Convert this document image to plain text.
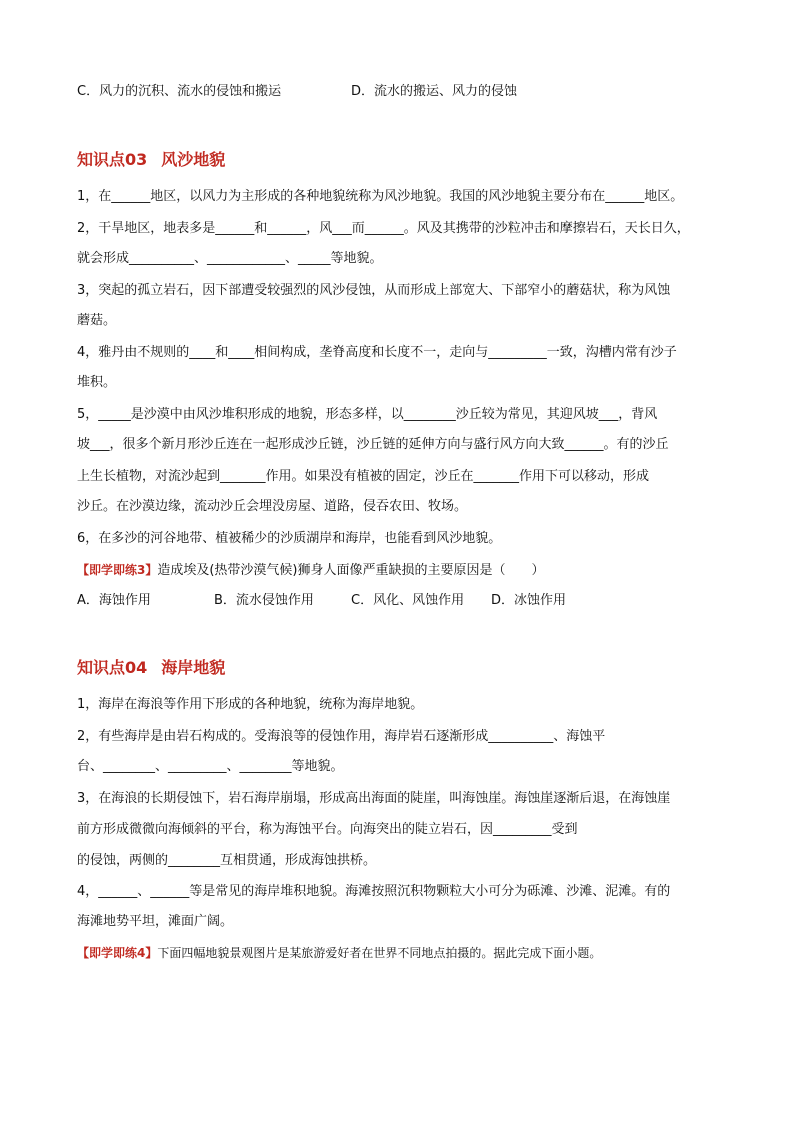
C．风力的沉积、流水的侵蚀和搬运	D．流水的搬运、风力的侵蚀
知识点03 风沙地貌
1，在______地区，以风力为主形成的各种地貌统称为风沙地貌。我国的风沙地貌主要分布在______地区。
2，干旱地区，地表多是______和______，风___而______。风及其携带的沙粒冲击和摩擦岩石，天长日久，
就会形成__________、____________、_____等地貌。
3，突起的孤立岩石，因下部遭受较强烈的风沙侵蚀，从而形成上部宽大、下部窄小的蘑菇状，称为风蚀
蘑菇。
4，雅丹由不规则的____和____相间构成，垄脊高度和长度不一，走向与_________一致，沟槽内常有沙子
堆积。
5，_____是沙漠中由风沙堆积形成的地貌，形态多样，以________沙丘较为常见，其迎风坡___，背风
坡___，很多个新月形沙丘连在一起形成沙丘链，沙丘链的延伸方向与盛行风方向大致______。有的沙丘
上生长植物，对流沙起到_______作用。如果没有植被的固定，沙丘在_______作用下可以移动，形成
沙丘。在沙漠边缘，流动沙丘会埋没房屋、道路，侵吞农田、牧场。
6，在多沙的河谷地带、植被稀少的沙质湖岸和海岸，也能看到风沙地貌。
【即学即练3】造成埃及(热带沙漠气候)狮身人面像严重缺损的主要原因是（　　）
A．海蚀作用	B．流水侵蚀作用	C．风化、风蚀作用 D．冰蚀作用
知识点04 海岸地貌
1，海岸在海浪等作用下形成的各种地貌，统称为海岸地貌。
2，有些海岸是由岩石构成的。受海浪等的侵蚀作用，海岸岩石逐渐形成__________、海蚀平
台、________、_________、________等地貌。
3，在海浪的长期侵蚀下，岩石海岸崩塌，形成高出海面的陡崖，叫海蚀崖。海蚀崖逐渐后退，在海蚀崖
前方形成微微向海倾斜的平台，称为海蚀平台。向海突出的陡立岩石，因_________受到
的侵蚀，两侧的________互相贯通，形成海蚀拱桥。
4，______、______等是常见的海岸堆积地貌。海滩按照沉积物颗粒大小可分为砾滩、沙滩、泥滩。有的
海滩地势平坦，滩面广阔。
【即学即练4】下面四幅地貌景观图片是某旅游爱好者在世界不同地点拍摄的。据此完成下面小题。
